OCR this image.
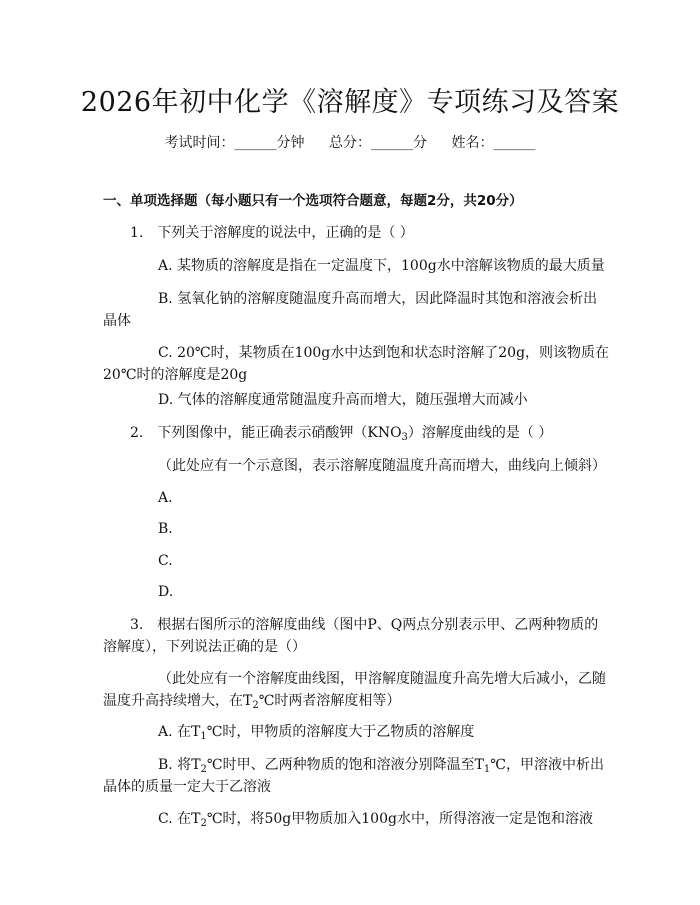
2026年初中化学《溶解度》专项练习及答案
考试时间：______分钟 总分：______分 姓名：______
一、单项选择题（每小题只有一个选项符合题意，每题2分，共20分）
1.　下列关于溶解度的说法中，正确的是（ ）
A. 某物质的溶解度是指在一定温度下，100g水中溶解该物质的最大质量
B. 氢氧化钠的溶解度随温度升高而增大，因此降温时其饱和溶液会析出
晶体
C. 20℃时，某物质在100g水中达到饱和状态时溶解了20g，则该物质在
20℃时的溶解度是20g
D. 气体的溶解度通常随温度升高而增大，随压强增大而减小
2.　下列图像中，能正确表示硝酸钾$(KNO_3)$溶解度曲线的是（ ）
（此处应有一个示意图，表示溶解度随温度升高而增大，曲线向上倾斜）
A.
B.
C.
D.
3.　根据右图所示的溶解度曲线（图中P、Q两点分别表示甲、乙两种物质的
溶解度），下列说法正确的是（）
（此处应有一个溶解度曲线图，甲溶解度随温度升高先增大后减小，乙随
温度升高持续增大，在$T_2℃$时两者溶解度相等）
A. 在$T_1℃$时，甲物质的溶解度大于乙物质的溶解度
B. 将$T_2℃$时甲、乙两种物质的饱和溶液分别降温至$T_1℃$，甲溶液中析出
晶体的质量一定大于乙溶液
C. 在$T_2℃$时，将50g甲物质加入100g水中，所得溶液一定是饱和溶液
